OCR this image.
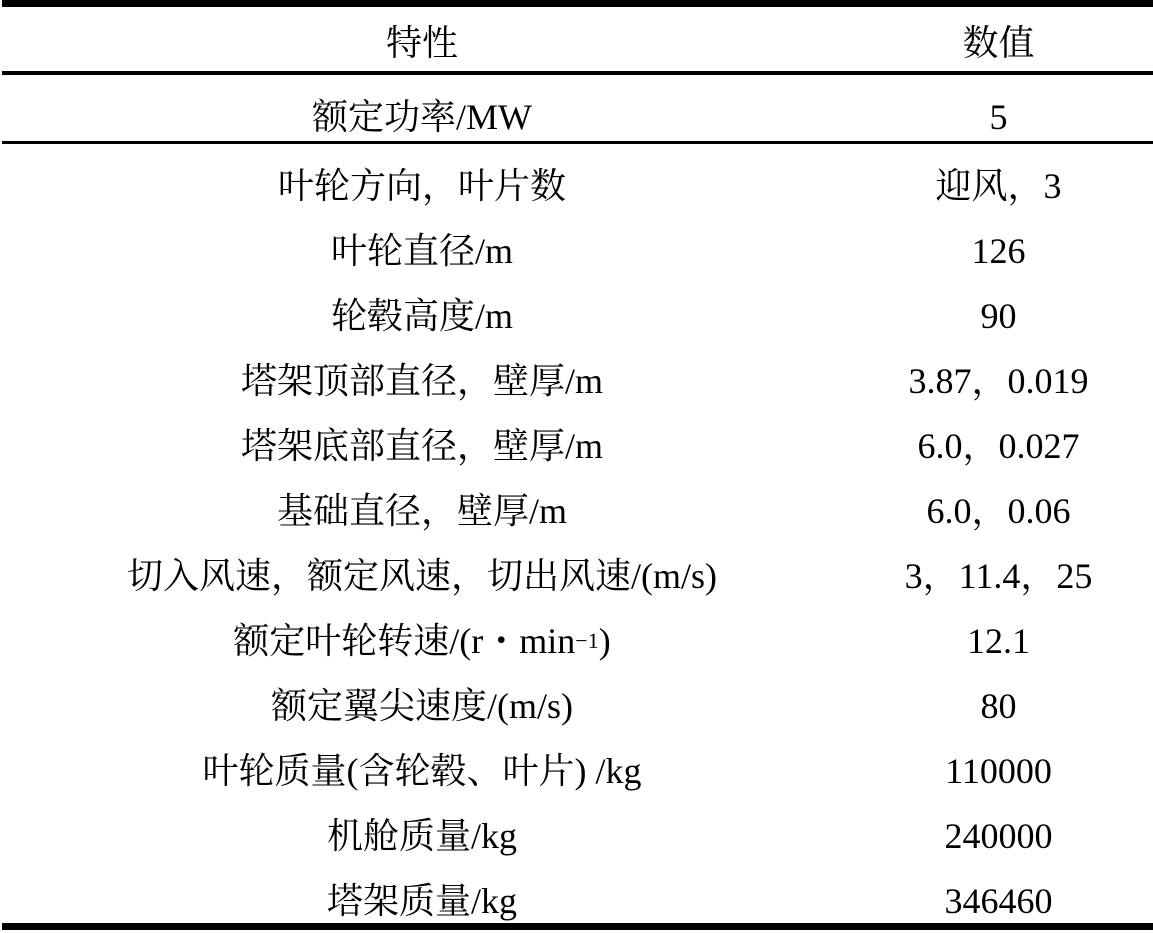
特性	数值
额定功率/MW	5
叶轮方向，叶片数	迎风，3
叶轮直径/m	126
轮毂高度/m	90
塔架顶部直径，壁厚/m	3.87，0.019
塔架底部直径，壁厚/m	6.0，0.027
基础直径，壁厚/m	6.0，0.06
切入风速，额定风速，切出风速/(m/s)	3，11.4，25
额定叶轮转速/(r・min −1 )	12.1
额定翼尖速度/(m/s)	80
叶轮质量(含轮毂、叶片) /kg	110000
机舱质量/kg	240000
塔架质量/kg	346460
